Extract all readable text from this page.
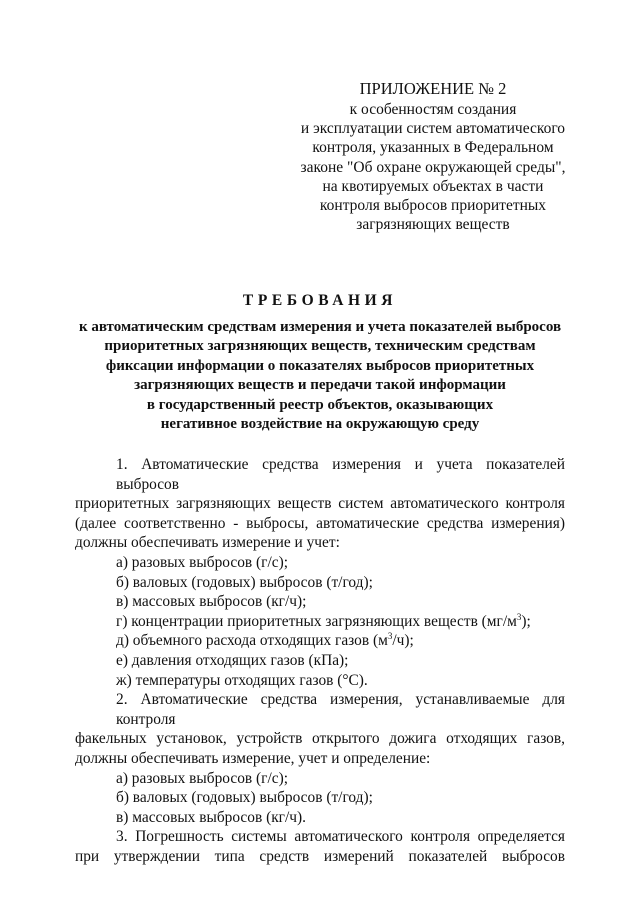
ПРИЛОЖЕНИЕ № 2
к особенностям создания
и эксплуатации систем автоматического
контроля, указанных в Федеральном
законе "Об охране окружающей среды",
на квотируемых объектах в части
контроля выбросов приоритетных
загрязняющих веществ
ТРЕБОВАНИЯ
к автоматическим средствам измерения и учета показателей выбросов
приоритетных загрязняющих веществ, техническим средствам
фиксации информации о показателях выбросов приоритетных
загрязняющих веществ и передачи такой информации
в государственный реестр объектов, оказывающих
негативное воздействие на окружающую среду
1. Автоматические средства измерения и учета показателей выбросов
приоритетных загрязняющих веществ систем автоматического контроля
(далее соответственно - выбросы, автоматические средства измерения)
должны обеспечивать измерение и учет:
а) разовых выбросов (г/с);
б) валовых (годовых) выбросов (т/год);
в) массовых выбросов (кг/ч);
г) концентрации приоритетных загрязняющих веществ $(мг/м^3)$;
д) объемного расхода отходящих газов $(м^3/ч)$;
е) давления отходящих газов (кПа);
ж) температуры отходящих газов (°С).
2. Автоматические средства измерения, устанавливаемые для контроля
факельных установок, устройств открытого дожига отходящих газов,
должны обеспечивать измерение, учет и определение:
а) разовых выбросов (г/с);
б) валовых (годовых) выбросов (т/год);
в) массовых выбросов (кг/ч).
3. Погрешность системы автоматического контроля определяется
при утверждении типа средств измерений показателей выбросов
